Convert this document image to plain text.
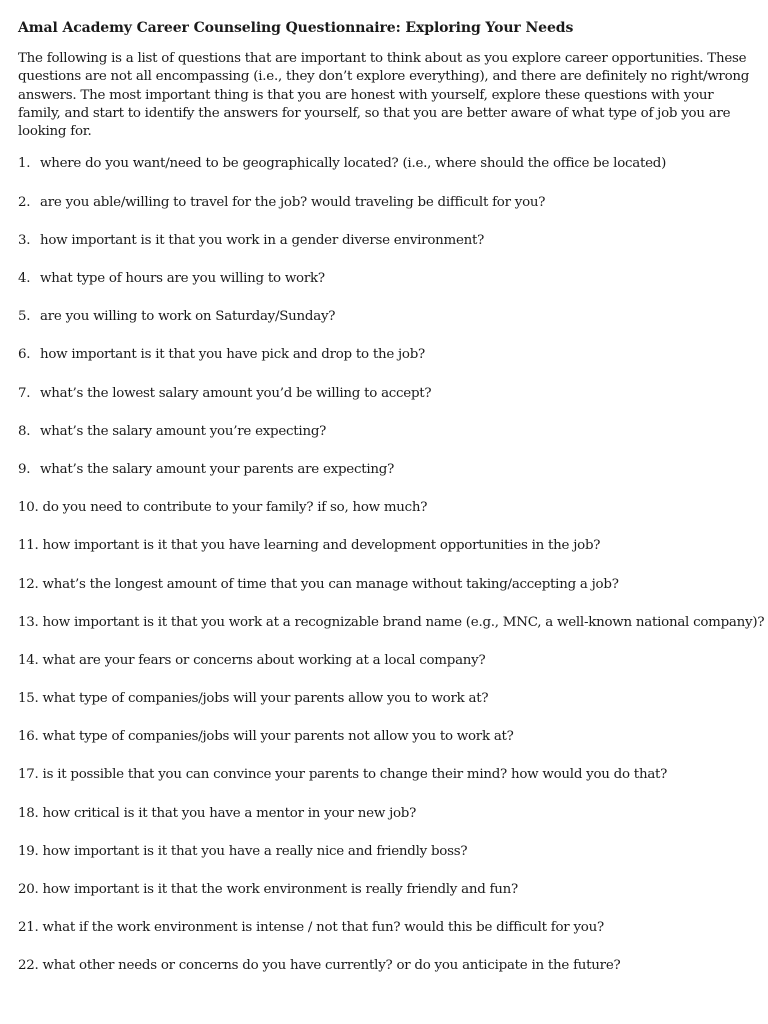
Amal Academy Career Counseling Questionnaire: Exploring Your Needs

The following is a list of questions that are important to think about as you explore career opportunities. These questions are not all encompassing (i.e., they don’t explore everything), and there are definitely no right/wrong answers. The most important thing is that you are honest with yourself, explore these questions with your family, and start to identify the answers for yourself, so that you are better aware of what type of job you are looking for.

1. where do you want/need to be geographically located? (i.e., where should the office be located)
2. are you able/willing to travel for the job? would traveling be difficult for you?
3. how important is it that you work in a gender diverse environment?
4. what type of hours are you willing to work?
5. are you willing to work on Saturday/Sunday?
6. how important is it that you have pick and drop to the job?
7. what’s the lowest salary amount you’d be willing to accept?
8. what’s the salary amount you’re expecting?
9. what’s the salary amount your parents are expecting?
10. do you need to contribute to your family? if so, how much?
11. how important is it that you have learning and development opportunities in the job?
12. what’s the longest amount of time that you can manage without taking/accepting a job?
13. how important is it that you work at a recognizable brand name (e.g., MNC, a well-known national company)?
14. what are your fears or concerns about working at a local company?
15. what type of companies/jobs will your parents allow you to work at?
16. what type of companies/jobs will your parents not allow you to work at?
17. is it possible that you can convince your parents to change their mind? how would you do that?
18. how critical is it that you have a mentor in your new job?
19. how important is it that you have a really nice and friendly boss?
20. how important is it that the work environment is really friendly and fun?
21. what if the work environment is intense / not that fun? would this be difficult for you?
22. what other needs or concerns do you have currently? or do you anticipate in the future?
